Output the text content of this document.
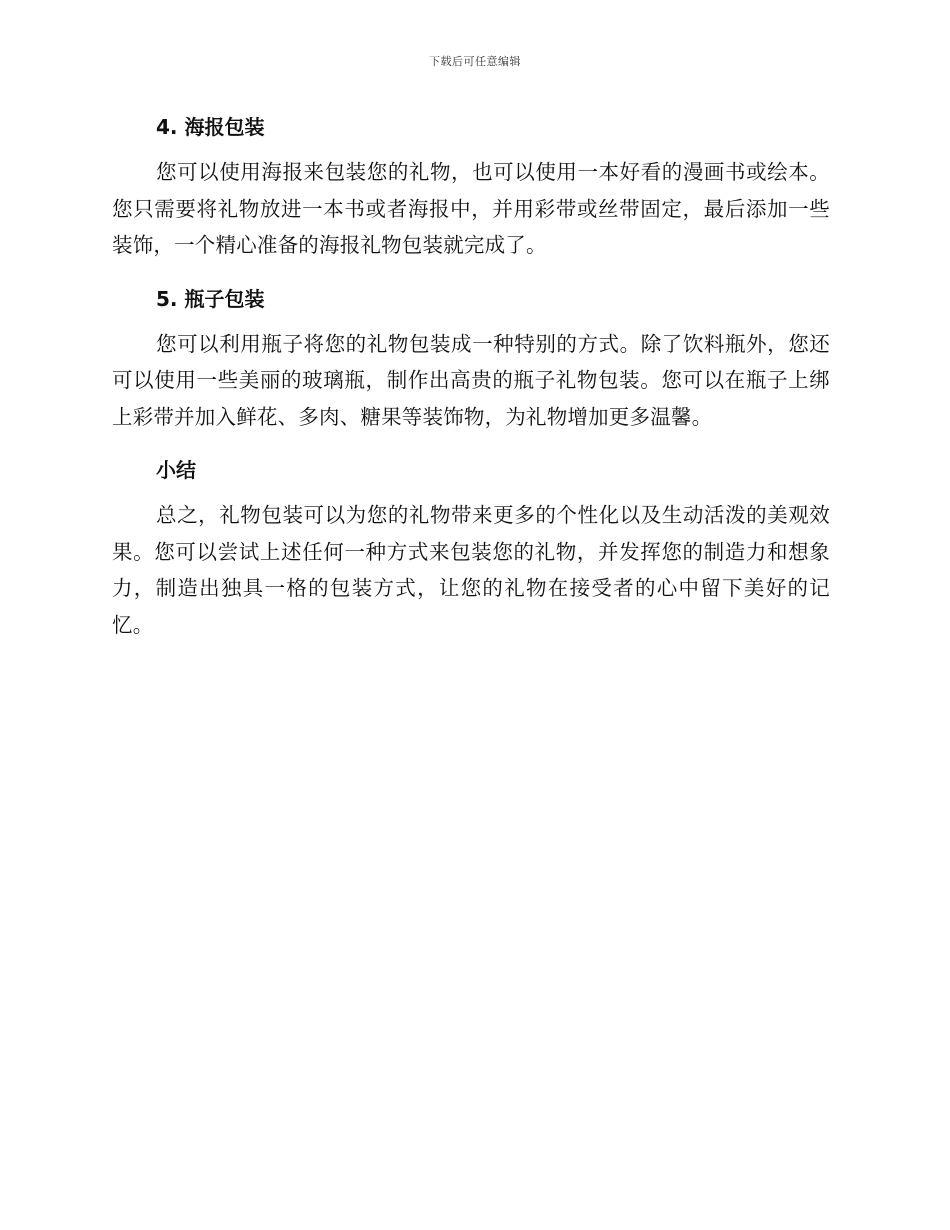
下载后可任意编辑
4. 海报包装

您可以使用海报来包装您的礼物，也可以使用一本好看的漫画书或绘本。您只需要将礼物放进一本书或者海报中，并用彩带或丝带固定，最后添加一些装饰，一个精心准备的海报礼物包装就完成了。

5. 瓶子包装

您可以利用瓶子将您的礼物包装成一种特别的方式。除了饮料瓶外，您还可以使用一些美丽的玻璃瓶，制作出高贵的瓶子礼物包装。您可以在瓶子上绑上彩带并加入鲜花、多肉、糖果等装饰物，为礼物增加更多温馨。

小结

总之，礼物包装可以为您的礼物带来更多的个性化以及生动活泼的美观效果。您可以尝试上述任何一种方式来包装您的礼物，并发挥您的制造力和想象力，制造出独具一格的包装方式，让您的礼物在接受者的心中留下美好的记忆。
